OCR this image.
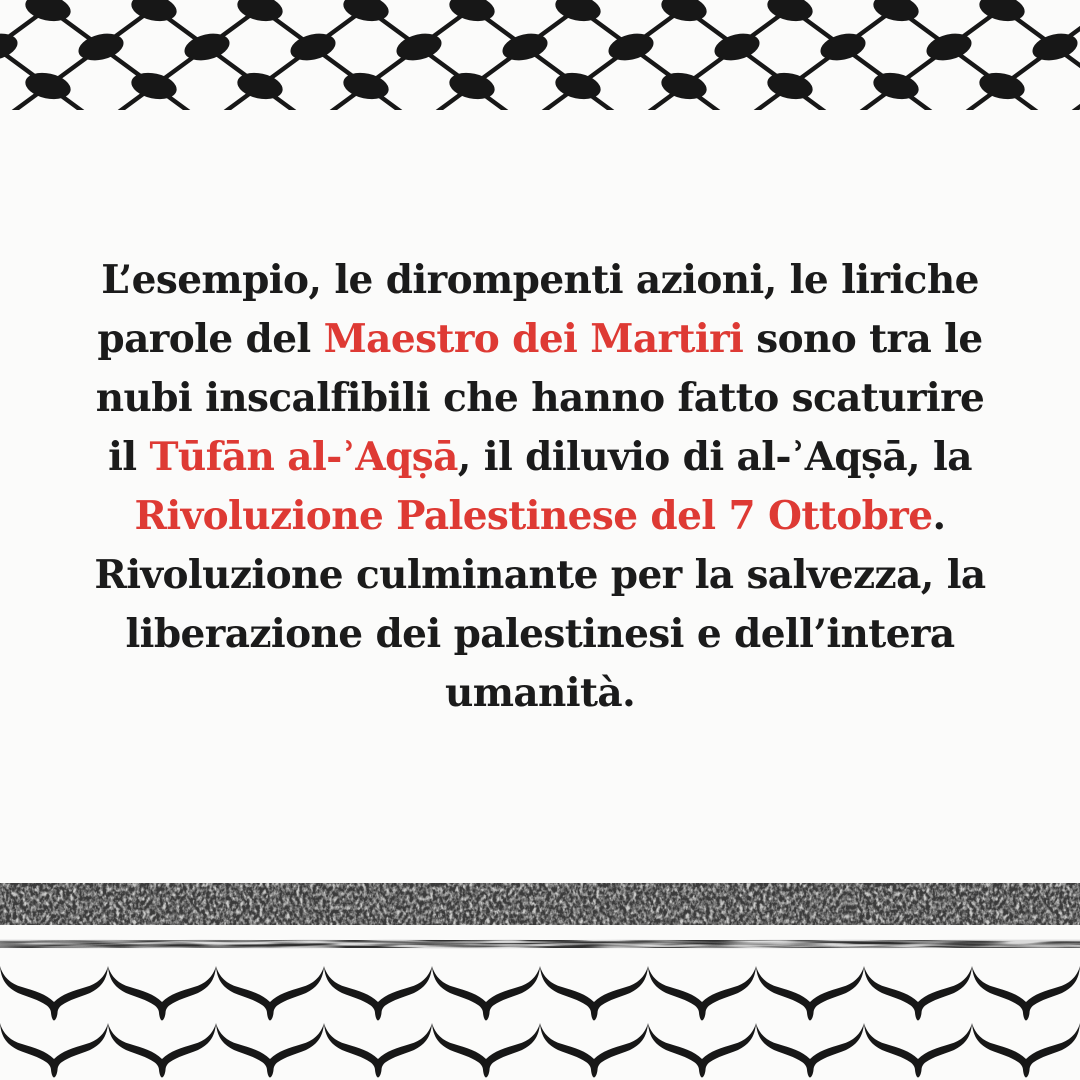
L’esempio, le dirompenti azioni, le liriche
parole del Maestro dei Martiri sono tra le
nubi inscalfibili che hanno fatto scaturire
il Tūfān al-ʾAqṣā, il diluvio di al-ʾAqṣā, la
Rivoluzione Palestinese del 7 Ottobre.
Rivoluzione culminante per la salvezza, la
liberazione dei palestinesi e dell’intera
umanità.
